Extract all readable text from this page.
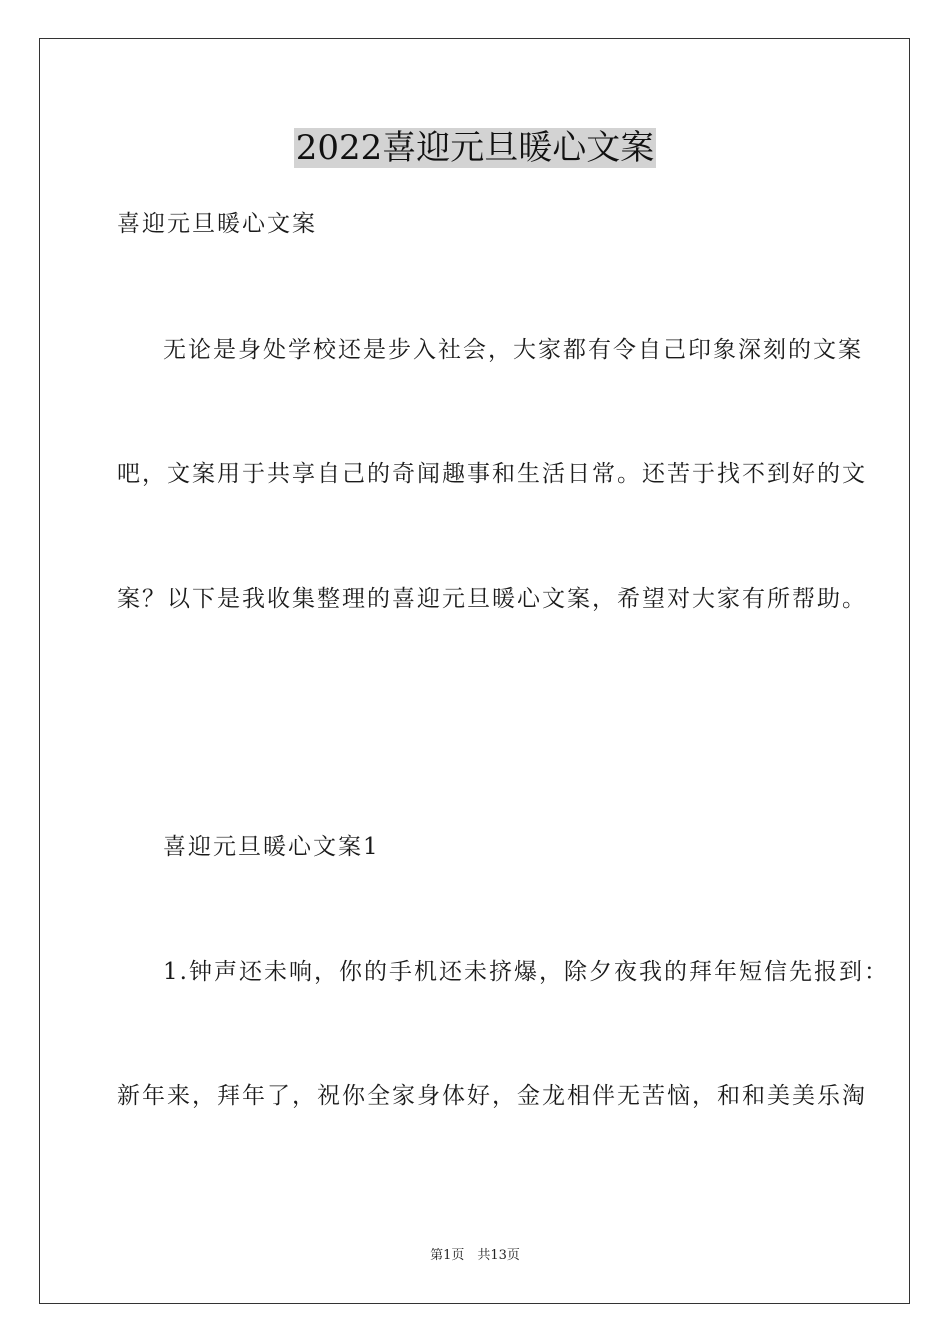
2022喜迎元旦暖心文案
喜迎元旦暖心文案
无论是身处学校还是步入社会，大家都有令自己印象深刻的文案
吧，文案用于共享自己的奇闻趣事和生活日常。还苦于找不到好的文
案？以下是我收集整理的喜迎元旦暖心文案，希望对大家有所帮助。
喜迎元旦暖心文案1
1.钟声还未响，你的手机还未挤爆，除夕夜我的拜年短信先报到：
新年来，拜年了，祝你全家身体好，金龙相伴无苦恼，和和美美乐淘
第1页　共13页
